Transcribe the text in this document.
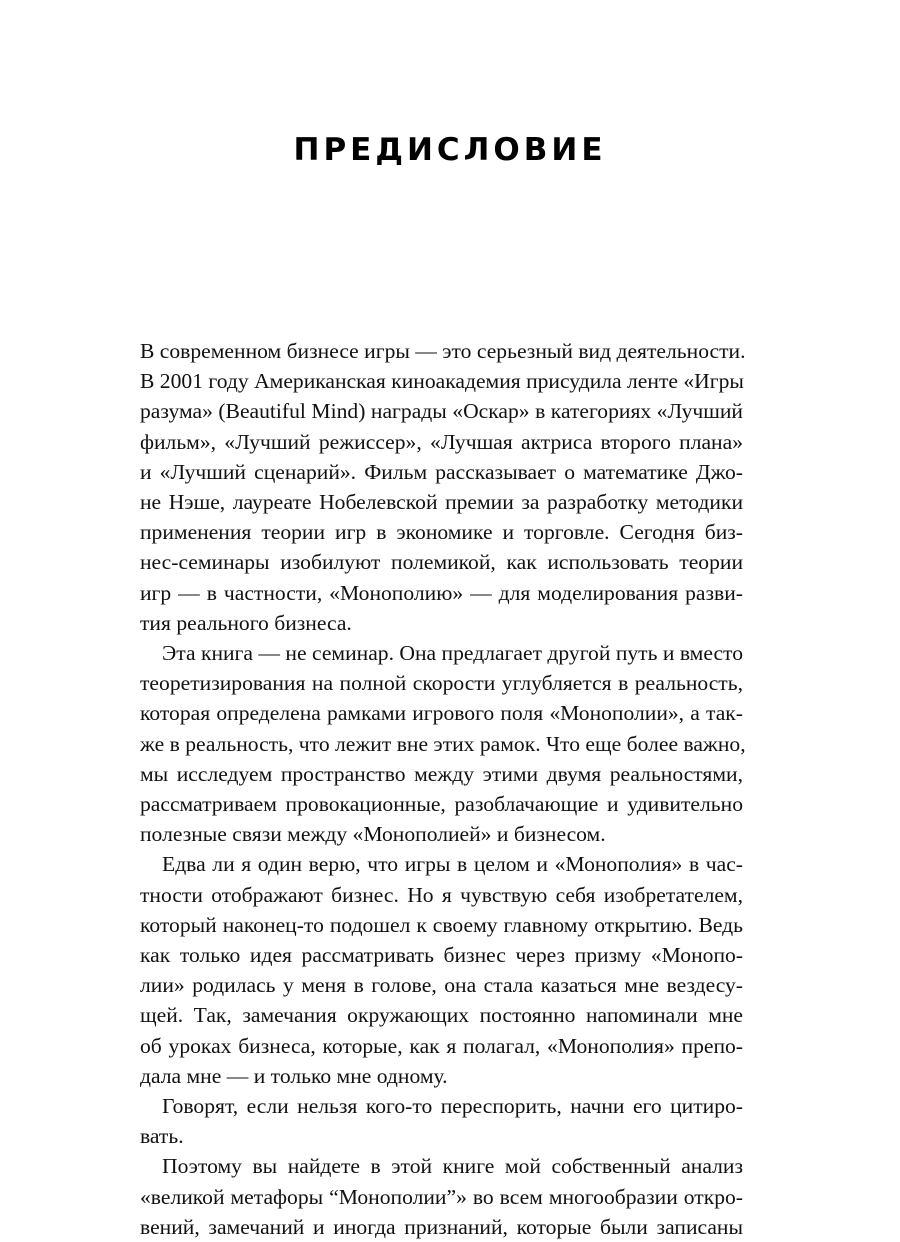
ПРЕДИСЛОВИЕ

В современном бизнесе игры — это серьезный вид деятельности.
В 2001 году Американская киноакадемия присудила ленте «Игры
разума» (Beautiful Mind) награды «Оскар» в категориях «Лучший
фильм», «Лучший режиссер», «Лучшая актриса второго плана»
и «Лучший сценарий». Фильм рассказывает о математике Джо-
не Нэше, лауреате Нобелевской премии за разработку методики
применения теории игр в экономике и торговле. Сегодня биз-
нес-семинары изобилуют полемикой, как использовать теории
игр — в частности, «Монополию» — для моделирования разви-
тия реального бизнеса.

Эта книга — не семинар. Она предлагает другой путь и вместо
теоретизирования на полной скорости углубляется в реальность,
которая определена рамками игрового поля «Монополии», а так-
же в реальность, что лежит вне этих рамок. Что еще более важно,
мы исследуем пространство между этими двумя реальностями,
рассматриваем провокационные, разоблачающие и удивительно
полезные связи между «Монополией» и бизнесом.

Едва ли я один верю, что игры в целом и «Монополия» в час-
тности отображают бизнес. Но я чувствую себя изобретателем,
который наконец-то подошел к своему главному открытию. Ведь
как только идея рассматривать бизнес через призму «Монопо-
лии» родилась у меня в голове, она стала казаться мне вездесу-
щей. Так, замечания окружающих постоянно напоминали мне
об уроках бизнеса, которые, как я полагал, «Монополия» препо-
дала мне — и только мне одному.

Говорят, если нельзя кого-то переспорить, начни его цитиро-
вать.

Поэтому вы найдете в этой книге мой собственный анализ
«великой метафоры “Монополии”» во всем многообразии откро-
вений, замечаний и иногда признаний, которые были записаны
